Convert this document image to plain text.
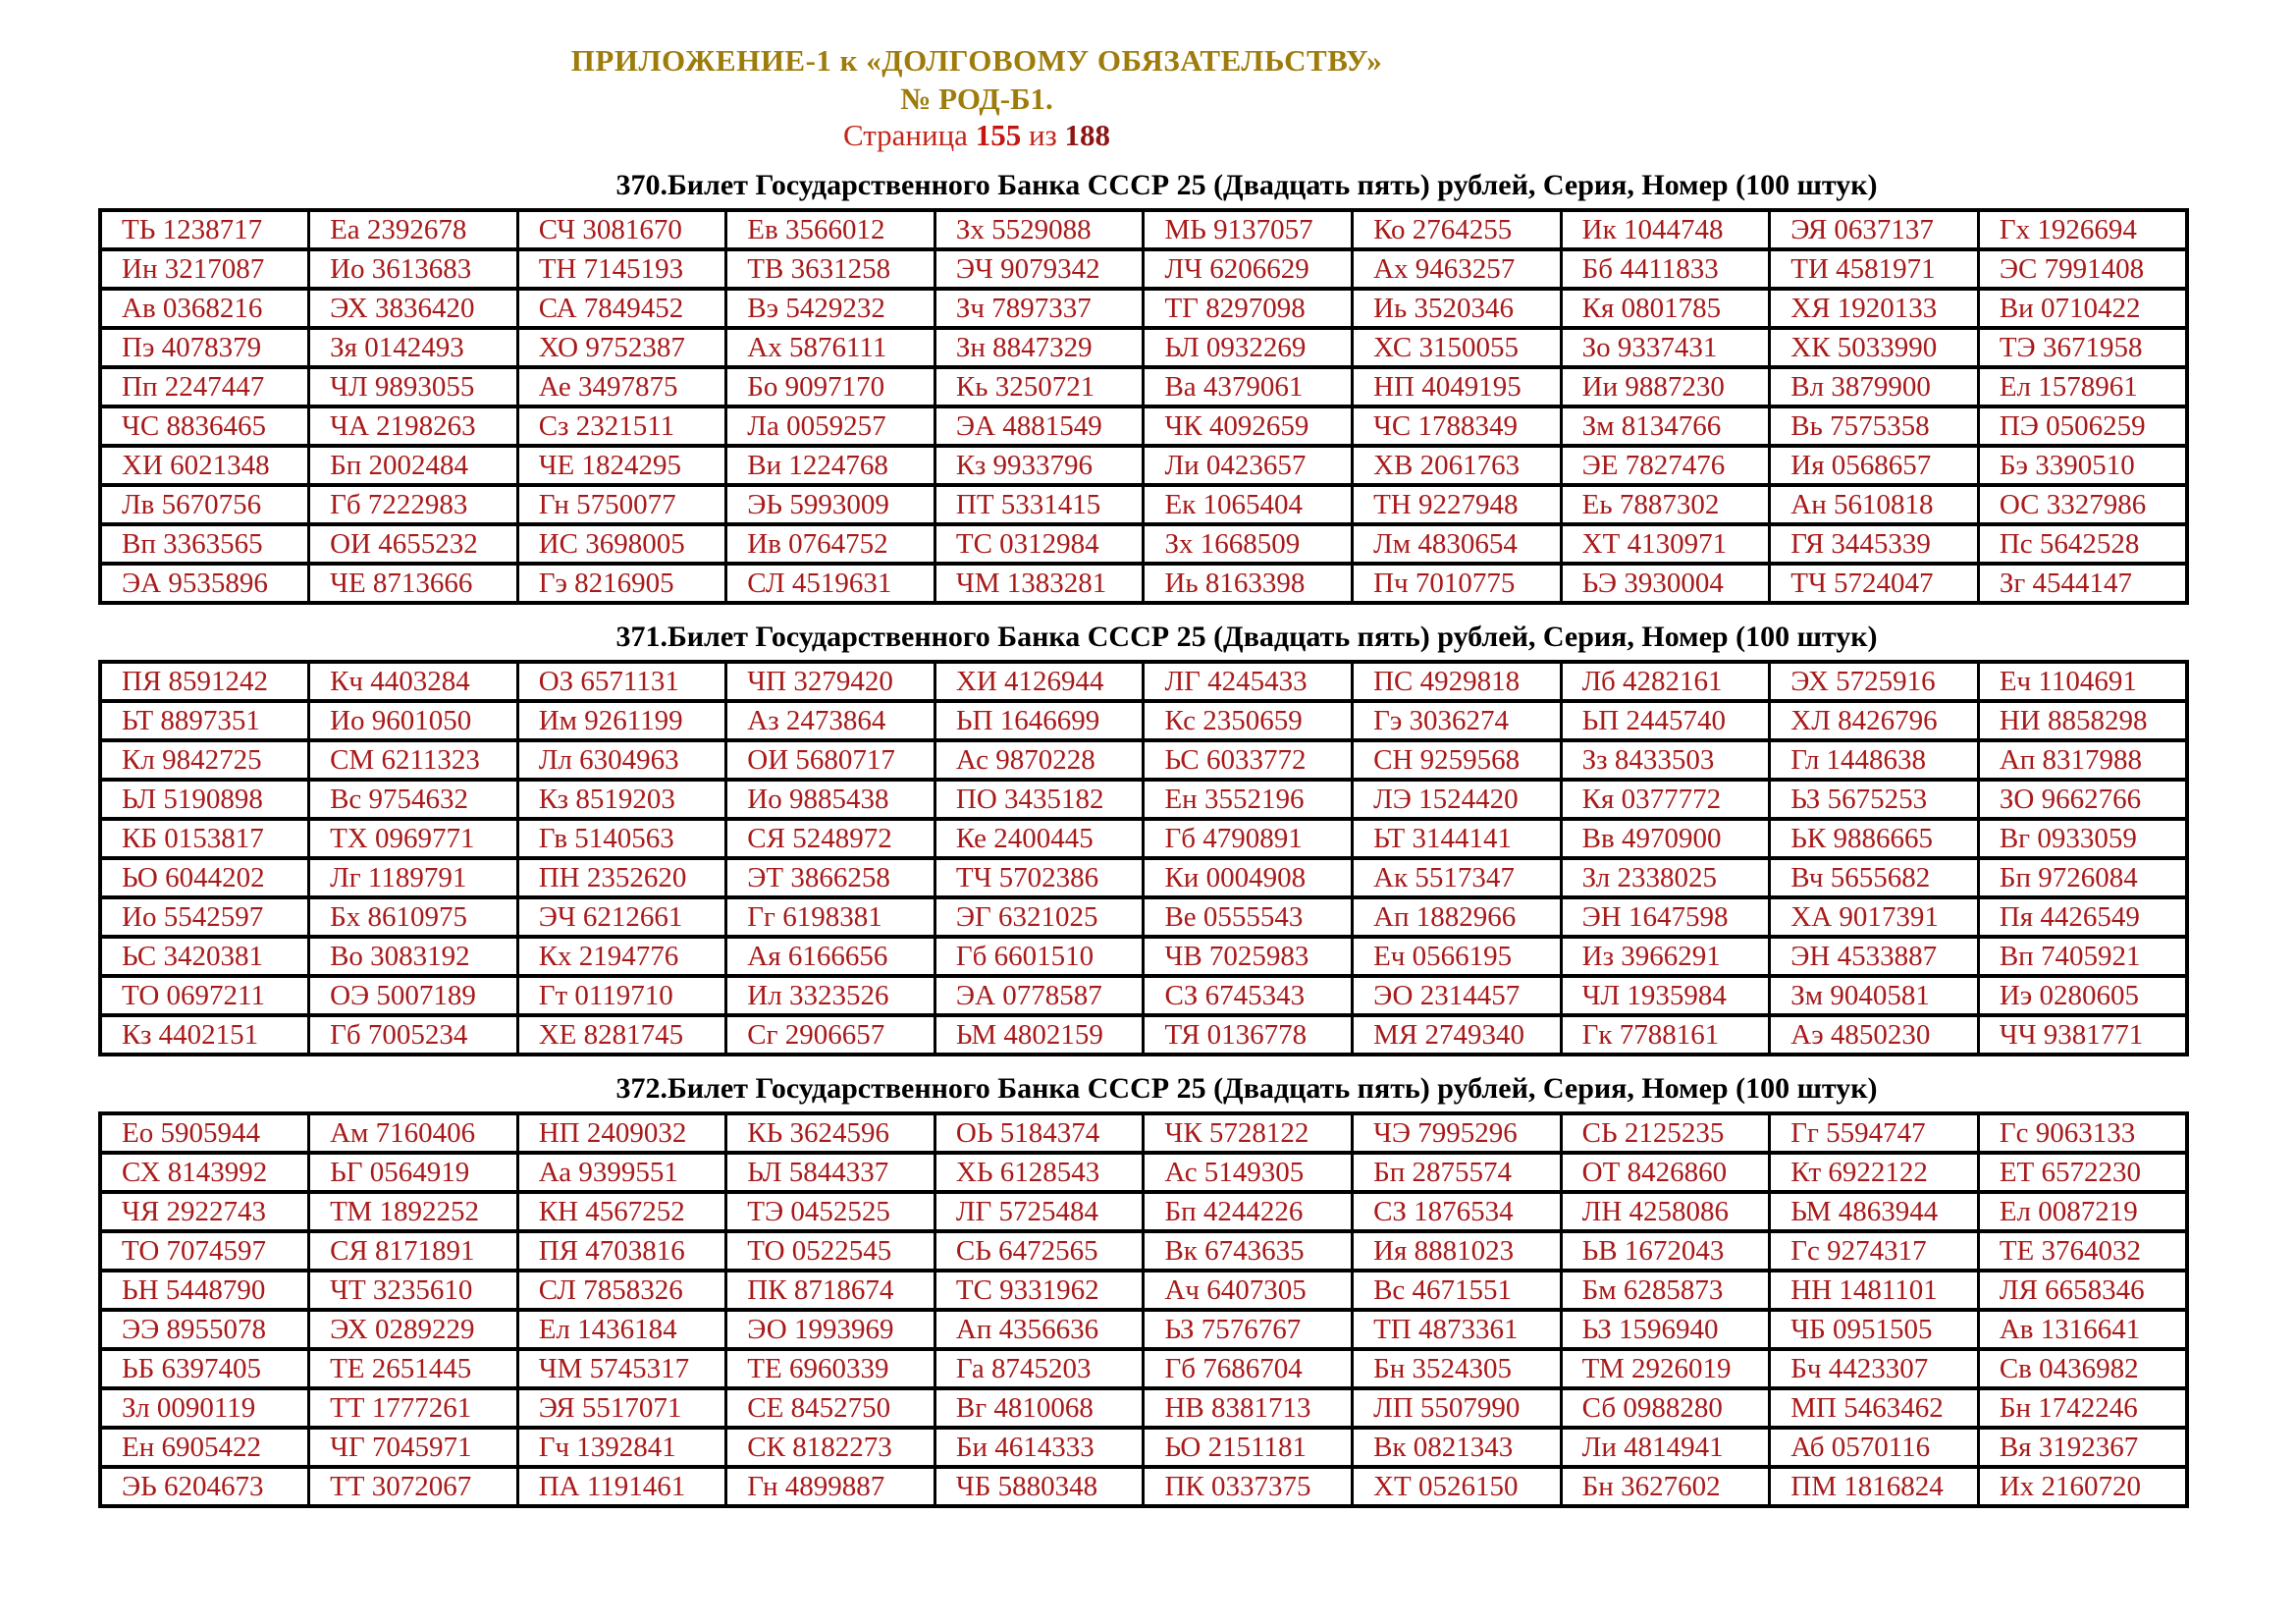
ПРИЛОЖЕНИЕ-1 к «ДОЛГОВОМУ ОБЯЗАТЕЛЬСТВУ»
№ РОД-Б1.
Страница 155 из 188
370.Билет Государственного Банка СССР 25 (Двадцать пять) рублей, Серия, Номер (100 штук)
ТЬ 1238717	Еа 2392678	СЧ 3081670	Ев 3566012	Зх 5529088	МЬ 9137057	Ко 2764255	Ик 1044748	ЭЯ 0637137	Гх 1926694
Ин 3217087	Ио 3613683	ТН 7145193	ТВ 3631258	ЭЧ 9079342	ЛЧ 6206629	Ах 9463257	Бб 4411833	ТИ 4581971	ЭС 7991408
Ав 0368216	ЭХ 3836420	СА 7849452	Вэ 5429232	Зч 7897337	ТГ 8297098	Иь 3520346	Кя 0801785	ХЯ 1920133	Ви 0710422
Пэ 4078379	Зя 0142493	ХО 9752387	Ах 5876111	Зн 8847329	ЬЛ 0932269	ХС 3150055	Зо 9337431	ХК 5033990	ТЭ 3671958
Пп 2247447	ЧЛ 9893055	Ае 3497875	Бо 9097170	Кь 3250721	Ва 4379061	НП 4049195	Ии 9887230	Вл 3879900	Ел 1578961
ЧС 8836465	ЧА 2198263	Сз 2321511	Ла 0059257	ЭА 4881549	ЧК 4092659	ЧС 1788349	Зм 8134766	Вь 7575358	ПЭ 0506259
ХИ 6021348	Бп 2002484	ЧЕ 1824295	Ви 1224768	Кз 9933796	Ли 0423657	ХВ 2061763	ЭЕ 7827476	Ия 0568657	Бэ 3390510
Лв 5670756	Гб 7222983	Гн 5750077	ЭЬ 5993009	ПТ 5331415	Ек 1065404	ТН 9227948	Еь 7887302	Ан 5610818	ОС 3327986
Вп 3363565	ОИ 4655232	ИС 3698005	Ив 0764752	ТС 0312984	Зх 1668509	Лм 4830654	ХТ 4130971	ГЯ 3445339	Пс 5642528
ЭА 9535896	ЧЕ 8713666	Гэ 8216905	СЛ 4519631	ЧМ 1383281	Иь 8163398	Пч 7010775	ЬЭ 3930004	ТЧ 5724047	Зг 4544147
371.Билет Государственного Банка СССР 25 (Двадцать пять) рублей, Серия, Номер (100 штук)
ПЯ 8591242	Кч 4403284	ОЗ 6571131	ЧП 3279420	ХИ 4126944	ЛГ 4245433	ПС 4929818	Лб 4282161	ЭХ 5725916	Еч 1104691
ЬТ 8897351	Ио 9601050	Им 9261199	Аз 2473864	ЬП 1646699	Кс 2350659	Гэ 3036274	ЬП 2445740	ХЛ 8426796	НИ 8858298
Кл 9842725	СМ 6211323	Лл 6304963	ОИ 5680717	Ас 9870228	ЬС 6033772	СН 9259568	Зз 8433503	Гл 1448638	Ап 8317988
ЬЛ 5190898	Вс 9754632	Кз 8519203	Ио 9885438	ПО 3435182	Ен 3552196	ЛЭ 1524420	Кя 0377772	ЬЗ 5675253	ЗО 9662766
КБ 0153817	ТХ 0969771	Гв 5140563	СЯ 5248972	Ке 2400445	Гб 4790891	ЬТ 3144141	Вв 4970900	ЬК 9886665	Вг 0933059
ЬО 6044202	Лг 1189791	ПН 2352620	ЭТ 3866258	ТЧ 5702386	Ки 0004908	Ак 5517347	Зл 2338025	Вч 5655682	Бп 9726084
Ио 5542597	Бх 8610975	ЭЧ 6212661	Гг 6198381	ЭГ 6321025	Ве 0555543	Ап 1882966	ЭН 1647598	ХА 9017391	Пя 4426549
ЬС 3420381	Во 3083192	Кх 2194776	Ая 6166656	Гб 6601510	ЧВ 7025983	Еч 0566195	Из 3966291	ЭН 4533887	Вп 7405921
ТО 0697211	ОЭ 5007189	Гт 0119710	Ил 3323526	ЭА 0778587	СЗ 6745343	ЭО 2314457	ЧЛ 1935984	Зм 9040581	Иэ 0280605
Кз 4402151	Гб 7005234	ХЕ 8281745	Сг 2906657	ЬМ 4802159	ТЯ 0136778	МЯ 2749340	Гк 7788161	Аэ 4850230	ЧЧ 9381771
372.Билет Государственного Банка СССР 25 (Двадцать пять) рублей, Серия, Номер (100 штук)
Ео 5905944	Ам 7160406	НП 2409032	КЬ 3624596	ОЬ 5184374	ЧК 5728122	ЧЭ 7995296	СЬ 2125235	Гг 5594747	Гс 9063133
СХ 8143992	ЬГ 0564919	Аа 9399551	ЬЛ 5844337	ХЬ 6128543	Ас 5149305	Бп 2875574	ОТ 8426860	Кт 6922122	ЕТ 6572230
ЧЯ 2922743	ТМ 1892252	КН 4567252	ТЭ 0452525	ЛГ 5725484	Бп 4244226	СЗ 1876534	ЛН 4258086	ЬМ 4863944	Ел 0087219
ТО 7074597	СЯ 8171891	ПЯ 4703816	ТО 0522545	СЬ 6472565	Вк 6743635	Ия 8881023	ЬВ 1672043	Гс 9274317	ТЕ 3764032
ЬН 5448790	ЧТ 3235610	СЛ 7858326	ПК 8718674	ТС 9331962	Ач 6407305	Вс 4671551	Бм 6285873	НН 1481101	ЛЯ 6658346
ЭЭ 8955078	ЭХ 0289229	Ел 1436184	ЭО 1993969	Ап 4356636	ЬЗ 7576767	ТП 4873361	ЬЗ 1596940	ЧБ 0951505	Ав 1316641
ЬБ 6397405	ТЕ 2651445	ЧМ 5745317	ТЕ 6960339	Га 8745203	Гб 7686704	Бн 3524305	ТМ 2926019	Бч 4423307	Св 0436982
Зл 0090119	ТТ 1777261	ЭЯ 5517071	СЕ 8452750	Вг 4810068	НВ 8381713	ЛП 5507990	Сб 0988280	МП 5463462	Бн 1742246
Ен 6905422	ЧГ 7045971	Гч 1392841	СК 8182273	Би 4614333	ЬО 2151181	Вк 0821343	Ли 4814941	Аб 0570116	Вя 3192367
ЭЬ 6204673	ТТ 3072067	ПА 1191461	Гн 4899887	ЧБ 5880348	ПК 0337375	ХТ 0526150	Бн 3627602	ПМ 1816824	Их 2160720
